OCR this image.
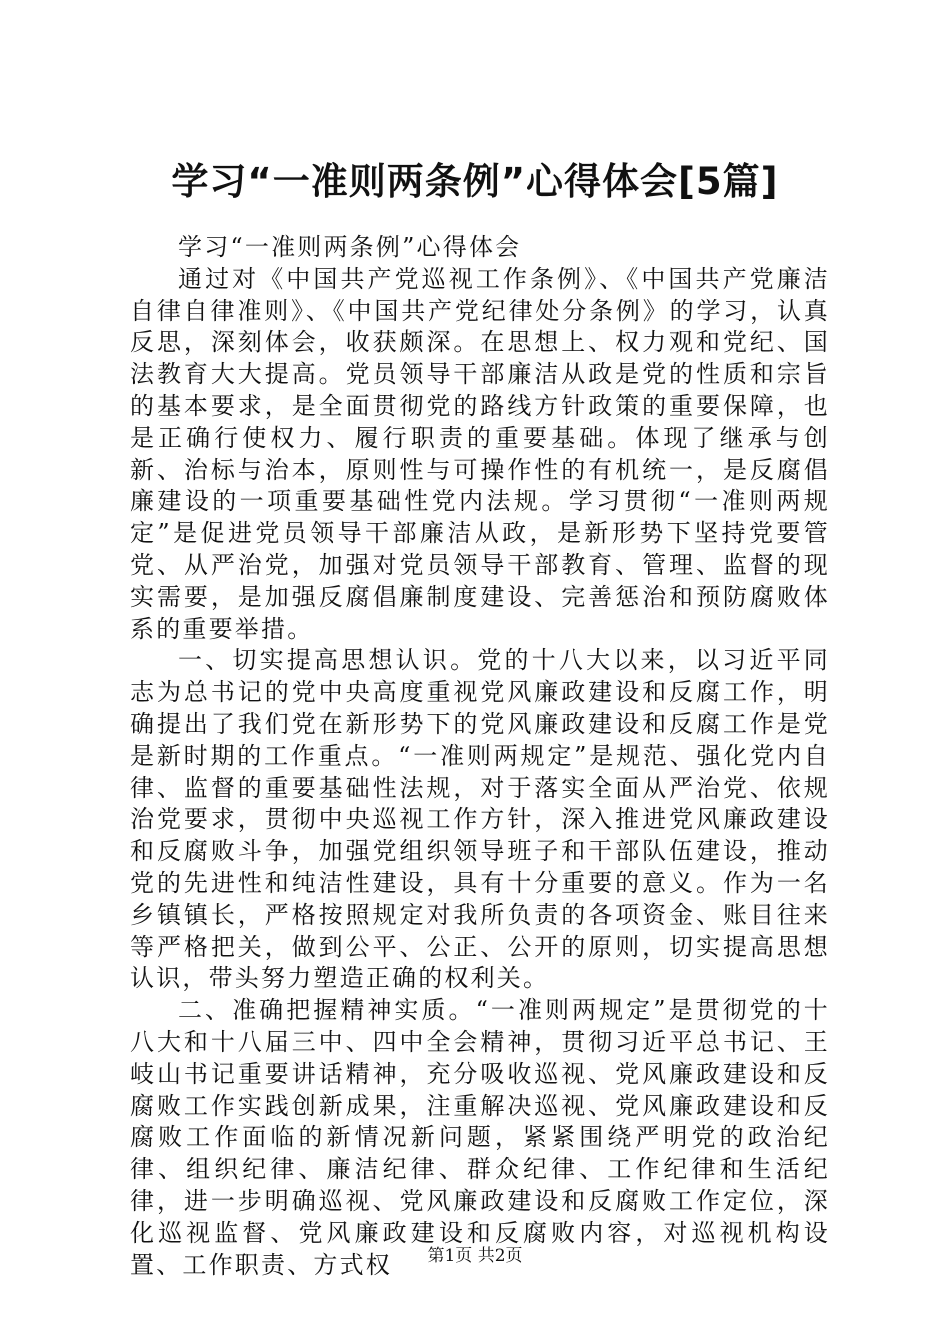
学习“一准则两条例”心得体会[5篇]

学习“一准则两条例”心得体会

通过对《中国共产党巡视工作条例》、《中国共产党廉洁自律自律准则》、《中国共产党纪律处分条例》的学习，认真反思，深刻体会，收获颇深。在思想上、权力观和党纪、国法教育大大提高。党员领导干部廉洁从政是党的性质和宗旨的基本要求，是全面贯彻党的路线方针政策的重要保障，也是正确行使权力、履行职责的重要基础。体现了继承与创新、治标与治本，原则性与可操作性的有机统一，是反腐倡廉建设的一项重要基础性党内法规。学习贯彻“一准则两规定”是促进党员领导干部廉洁从政，是新形势下坚持党要管党、从严治党，加强对党员领导干部教育、管理、监督的现实需要，是加强反腐倡廉制度建设、完善惩治和预防腐败体系的重要举措。

一、切实提高思想认识。党的十八大以来，以习近平同志为总书记的党中央高度重视党风廉政建设和反腐工作，明确提出了我们党在新形势下的党风廉政建设和反腐工作是党是新时期的工作重点。“一准则两规定”是规范、强化党内自律、监督的重要基础性法规，对于落实全面从严治党、依规治党要求，贯彻中央巡视工作方针，深入推进党风廉政建设和反腐败斗争，加强党组织领导班子和干部队伍建设，推动党的先进性和纯洁性建设，具有十分重要的意义。作为一名乡镇镇长，严格按照规定对我所负责的各项资金、账目往来等严格把关，做到公平、公正、公开的原则，切实提高思想认识，带头努力塑造正确的权利关。

二、准确把握精神实质。“一准则两规定”是贯彻党的十八大和十八届三中、四中全会精神，贯彻习近平总书记、王岐山书记重要讲话精神，充分吸收巡视、党风廉政建设和反腐败工作实践创新成果，注重解决巡视、党风廉政建设和反腐败工作面临的新情况新问题，紧紧围绕严明党的政治纪律、组织纪律、廉洁纪律、群众纪律、工作纪律和生活纪律，进一步明确巡视、党风廉政建设和反腐败工作定位，深化巡视监督、党风廉政建设和反腐败内容，对巡视机构设置、工作职责、方式权	第1页 共2页
